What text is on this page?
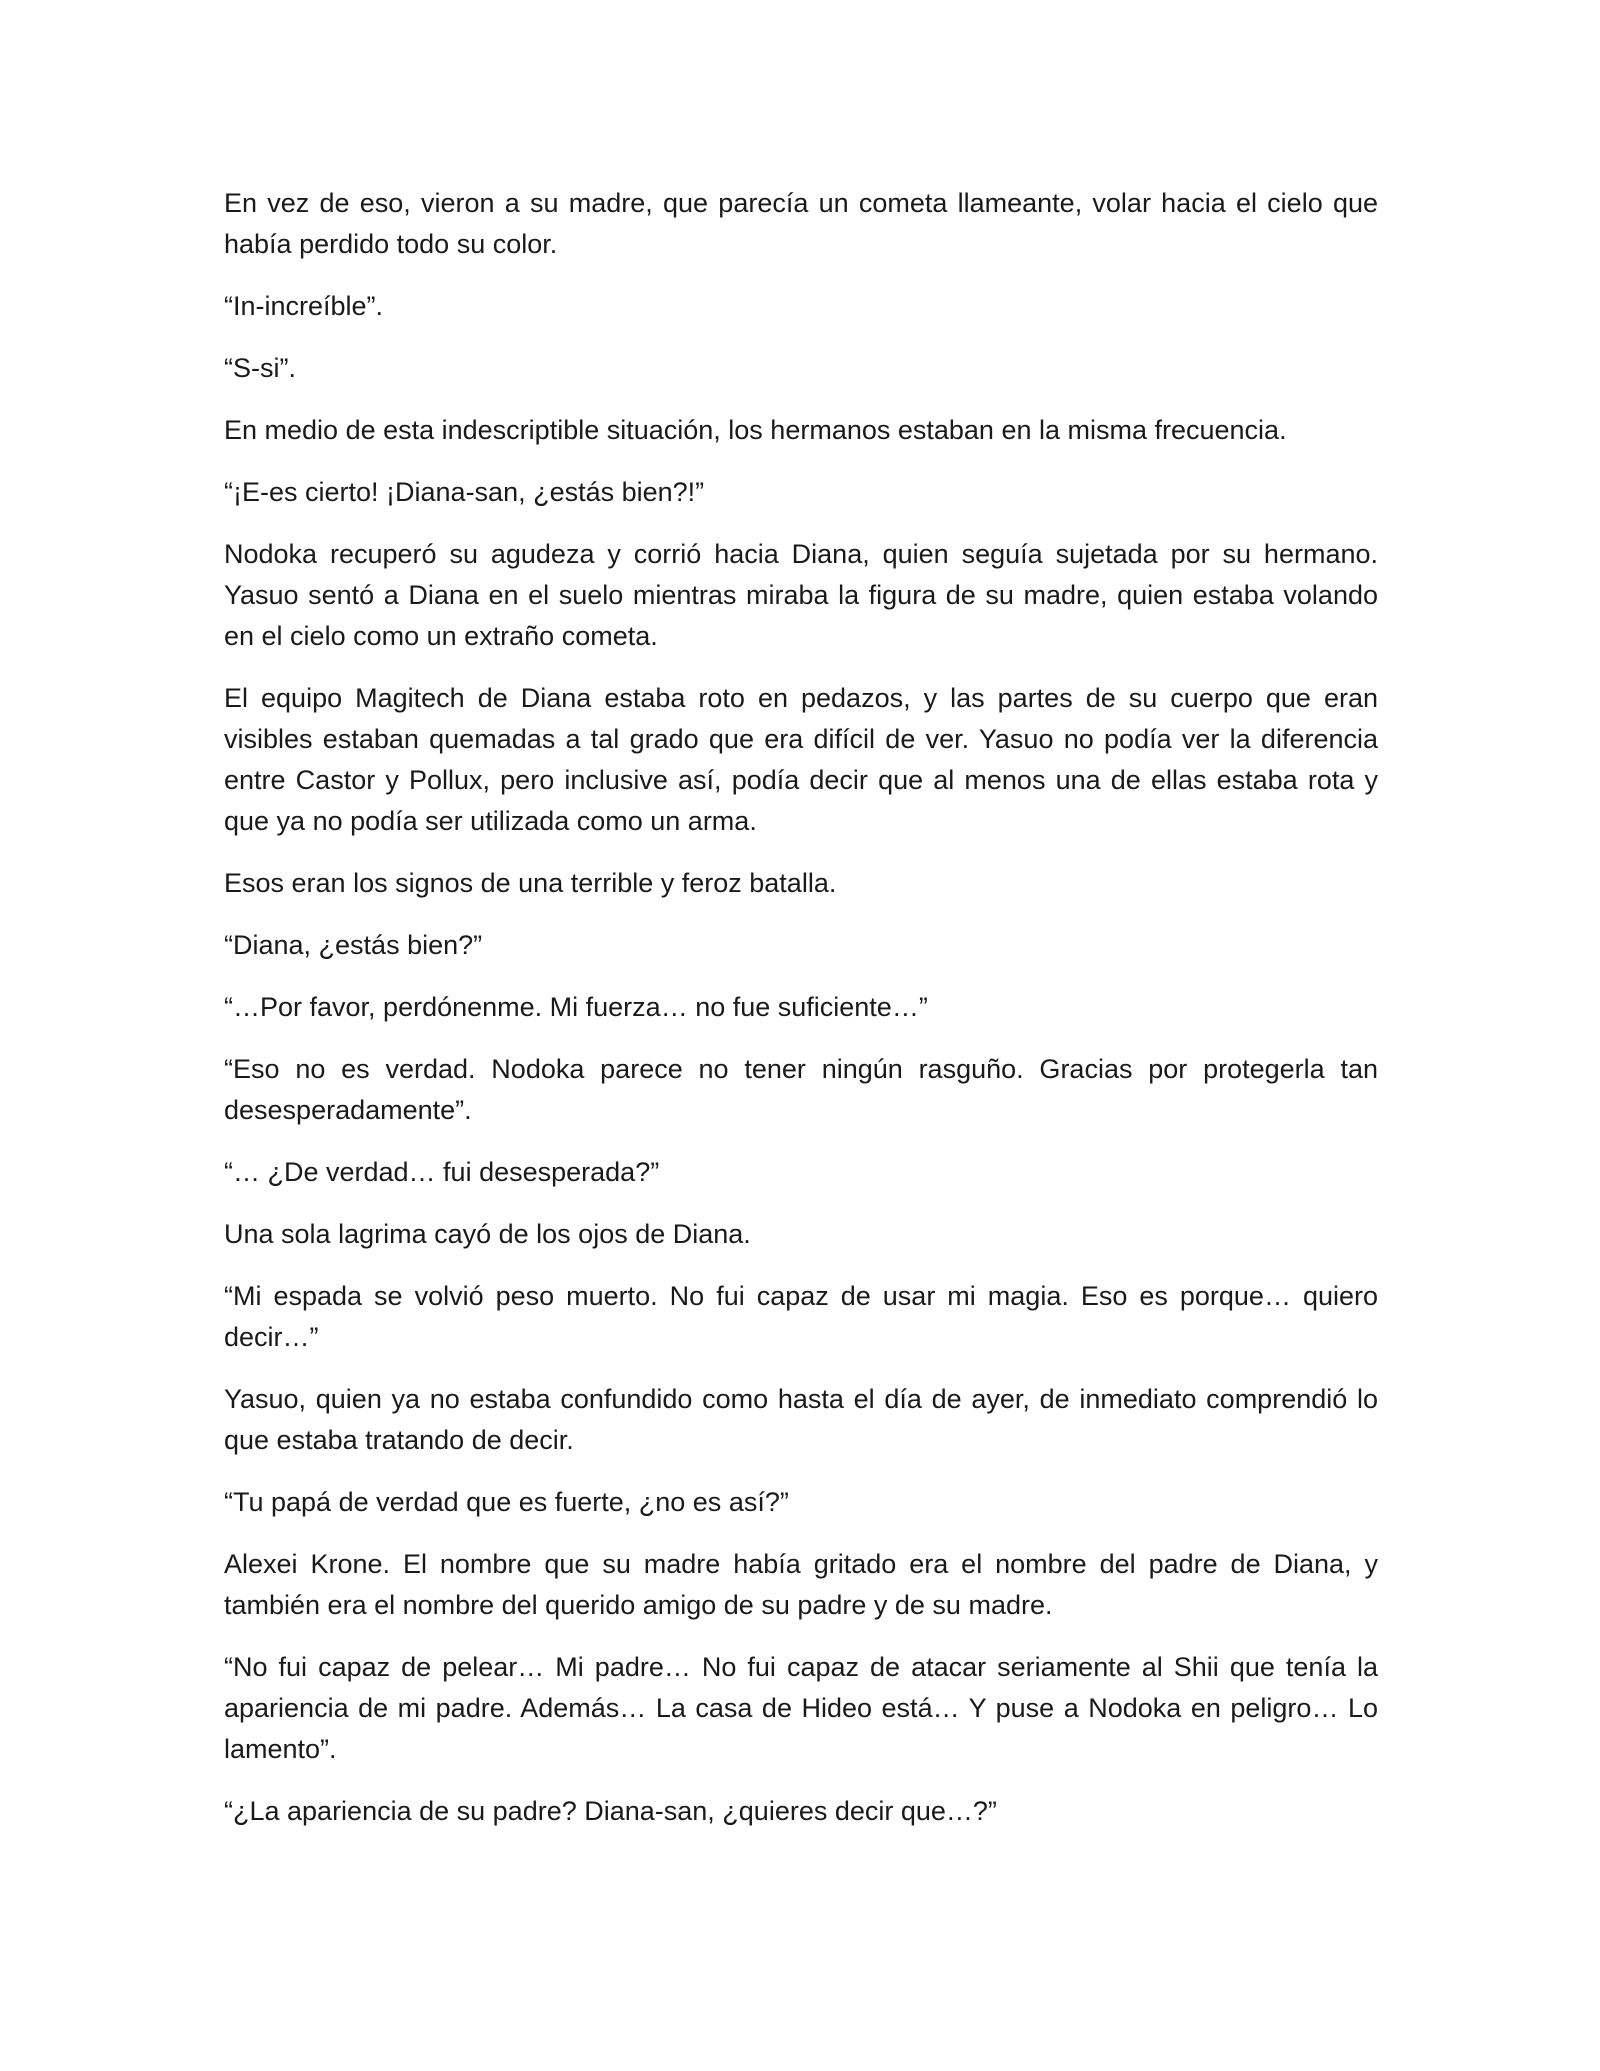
En vez de eso, vieron a su madre, que parecía un cometa llameante, volar hacia el cielo que había perdido todo su color.

“In-increíble”.

“S-si”.

En medio de esta indescriptible situación, los hermanos estaban en la misma frecuencia.

“¡E-es cierto! ¡Diana-san, ¿estás bien?!”

Nodoka recuperó su agudeza y corrió hacia Diana, quien seguía sujetada por su hermano. Yasuo sentó a Diana en el suelo mientras miraba la figura de su madre, quien estaba volando en el cielo como un extraño cometa.

El equipo Magitech de Diana estaba roto en pedazos, y las partes de su cuerpo que eran visibles estaban quemadas a tal grado que era difícil de ver. Yasuo no podía ver la diferencia entre Castor y Pollux, pero inclusive así, podía decir que al menos una de ellas estaba rota y que ya no podía ser utilizada como un arma.

Esos eran los signos de una terrible y feroz batalla.

“Diana, ¿estás bien?”

“…Por favor, perdónenme. Mi fuerza… no fue suficiente…”

“Eso no es verdad. Nodoka parece no tener ningún rasguño. Gracias por protegerla tan desesperadamente”.

“… ¿De verdad… fui desesperada?”

Una sola lagrima cayó de los ojos de Diana.

“Mi espada se volvió peso muerto. No fui capaz de usar mi magia. Eso es porque… quiero decir…”

Yasuo, quien ya no estaba confundido como hasta el día de ayer, de inmediato comprendió lo que estaba tratando de decir.

“Tu papá de verdad que es fuerte, ¿no es así?”

Alexei Krone. El nombre que su madre había gritado era el nombre del padre de Diana, y también era el nombre del querido amigo de su padre y de su madre.

“No fui capaz de pelear… Mi padre… No fui capaz de atacar seriamente al Shii que tenía la apariencia de mi padre. Además… La casa de Hideo está… Y puse a Nodoka en peligro… Lo lamento”.

“¿La apariencia de su padre? Diana-san, ¿quieres decir que…?”
